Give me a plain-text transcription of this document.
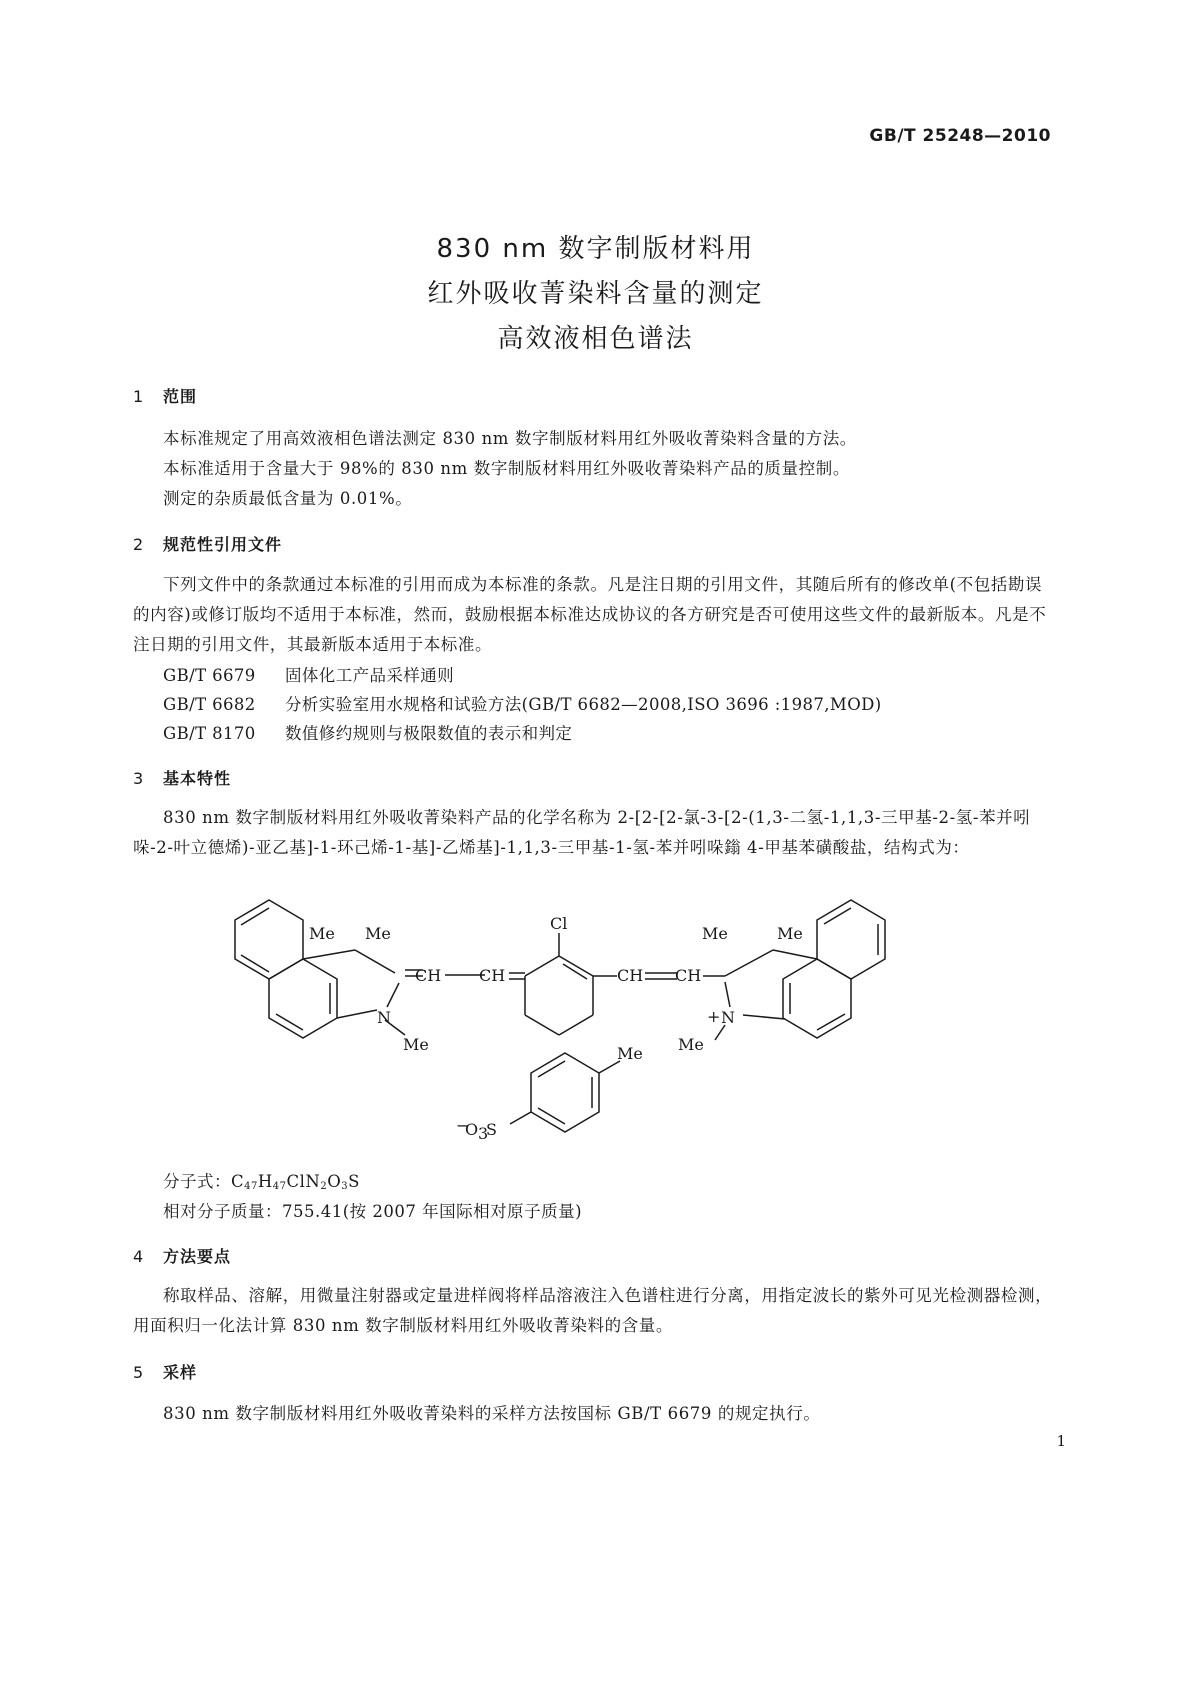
GB/T 25248—2010
830 nm 数字制版材料用
红外吸收菁染料含量的测定
高效液相色谱法
1 范围
本标准规定了用高效液相色谱法测定 830 nm 数字制版材料用红外吸收菁染料含量的方法。
本标准适用于含量大于 98%的 830 nm 数字制版材料用红外吸收菁染料产品的质量控制。
测定的杂质最低含量为 0.01%。
2 规范性引用文件
下列文件中的条款通过本标准的引用而成为本标准的条款。凡是注日期的引用文件，其随后所有的修改单(不包括勘误的内容)或修订版均不适用于本标准，然而，鼓励根据本标准达成协议的各方研究是否可使用这些文件的最新版本。凡是不注日期的引用文件，其最新版本适用于本标准。
GB/T 6679 固体化工产品采样通则
GB/T 6682 分析实验室用水规格和试验方法(GB/T 6682—2008,ISO 3696 :1987,MOD)
GB/T 8170 数值修约规则与极限数值的表示和判定
3 基本特性
830 nm 数字制版材料用红外吸收菁染料产品的化学名称为 2-[2-[2-氯-3-[2-(1,3-二氢-1,1,3-三甲基-2-氢-苯并吲哚-2-叶立德烯)-亚乙基]-1-环己烯-1-基]-乙烯基]-1,1,3-三甲基-1-氢-苯并吲哚鎓 4-甲基苯磺酸盐，结构式为：
Me Me
CH CH
N
Me
Cl
CH CH
Me	Me
+ N
Me
Me
−
O 3
S
分子式：$C_{47}H_{47}ClN_2O_3S$
相对分子质量：755.41(按 2007 年国际相对原子质量)
4 方法要点
称取样品、溶解，用微量注射器或定量进样阀将样品溶液注入色谱柱进行分离，用指定波长的紫外可见光检测器检测，用面积归一化法计算 830 nm 数字制版材料用红外吸收菁染料的含量。
5 采样
830 nm 数字制版材料用红外吸收菁染料的采样方法按国标 GB/T 6679 的规定执行。
1
